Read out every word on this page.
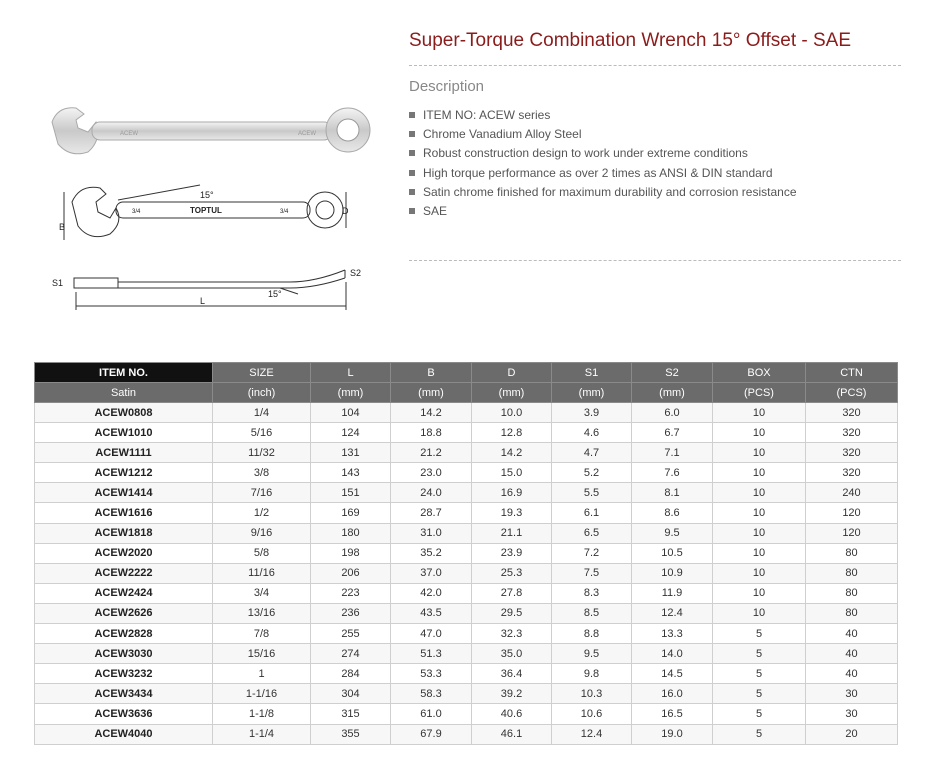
ACEW	ACEW
15°
B
D
3/4	TOPTUL	3/4
S1
S2
15°
L
Super-Torque Combination Wrench 15° Offset - SAE
Description
ITEM NO: ACEW series
Chrome Vanadium Alloy Steel
Robust construction design to work under extreme conditions
High torque performance as over 2 times as ANSI & DIN standard
Satin chrome finished for maximum durability and corrosion resistance
SAE
ITEM NO.	SIZE	L	B	D	S1	S2	BOX	CTN
Satin	(inch)	(mm)	(mm)	(mm)	(mm)	(mm)	(PCS)	(PCS)
ACEW0808	1/4	104	14.2	10.0	3.9	6.0	10	320
ACEW1010	5/16	124	18.8	12.8	4.6	6.7	10	320
ACEW1111	11/32	131	21.2	14.2	4.7	7.1	10	320
ACEW1212	3/8	143	23.0	15.0	5.2	7.6	10	320
ACEW1414	7/16	151	24.0	16.9	5.5	8.1	10	240
ACEW1616	1/2	169	28.7	19.3	6.1	8.6	10	120
ACEW1818	9/16	180	31.0	21.1	6.5	9.5	10	120
ACEW2020	5/8	198	35.2	23.9	7.2	10.5	10	80
ACEW2222	11/16	206	37.0	25.3	7.5	10.9	10	80
ACEW2424	3/4	223	42.0	27.8	8.3	11.9	10	80
ACEW2626	13/16	236	43.5	29.5	8.5	12.4	10	80
ACEW2828	7/8	255	47.0	32.3	8.8	13.3	5	40
ACEW3030	15/16	274	51.3	35.0	9.5	14.0	5	40
ACEW3232	1	284	53.3	36.4	9.8	14.5	5	40
ACEW3434	1-1/16	304	58.3	39.2	10.3	16.0	5	30
ACEW3636	1-1/8	315	61.0	40.6	10.6	16.5	5	30
ACEW4040	1-1/4	355	67.9	46.1	12.4	19.0	5	20
